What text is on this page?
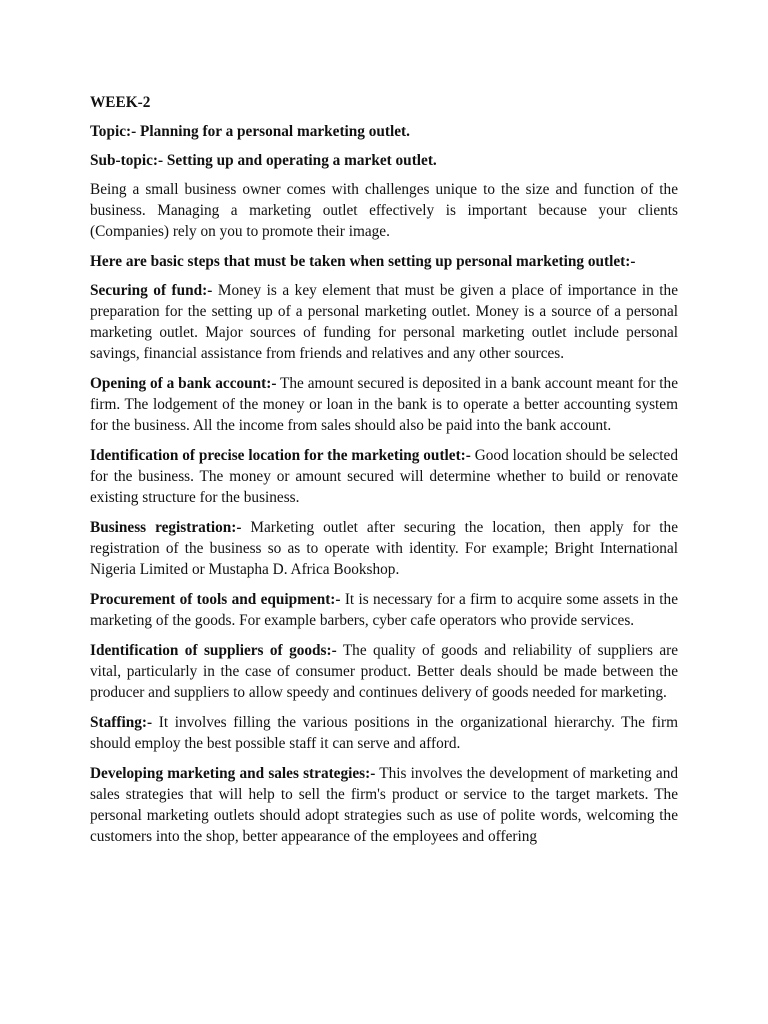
WEEK-2
Topic:- Planning for a personal marketing outlet.
Sub-topic:- Setting up and operating a market outlet.

Being a small business owner comes with challenges unique to the size and function of the business. Managing a marketing outlet effectively is important because your clients (Companies) rely on you to promote their image.

Here are basic steps that must be taken when setting up personal marketing outlet:-

Securing of fund:- Money is a key element that must be given a place of importance in the preparation for the setting up of a personal marketing outlet. Money is a source of a personal marketing outlet. Major sources of funding for personal marketing outlet include personal savings, financial assistance from friends and relatives and any other sources.

Opening of a bank account:- The amount secured is deposited in a bank account meant for the firm. The lodgement of the money or loan in the bank is to operate a better accounting system for the business. All the income from sales should also be paid into the bank account.

Identification of precise location for the marketing outlet:- Good location should be selected for the business. The money or amount secured will determine whether to build or renovate existing structure for the business.

Business registration:- Marketing outlet after securing the location, then apply for the registration of the business so as to operate with identity. For example; Bright International Nigeria Limited or Mustapha D. Africa Bookshop.

Procurement of tools and equipment:- It is necessary for a firm to acquire some assets in the marketing of the goods. For example barbers, cyber cafe operators who provide services.

Identification of suppliers of goods:- The quality of goods and reliability of suppliers are vital, particularly in the case of consumer product. Better deals should be made between the producer and suppliers to allow speedy and continues delivery of goods needed for marketing.

Staffing:- It involves filling the various positions in the organizational hierarchy. The firm should employ the best possible staff it can serve and afford.

Developing marketing and sales strategies:- This involves the development of marketing and sales strategies that will help to sell the firm's product or service to the target markets. The personal marketing outlets should adopt strategies such as use of polite words, welcoming the customers into the shop, better appearance of the employees and offering
